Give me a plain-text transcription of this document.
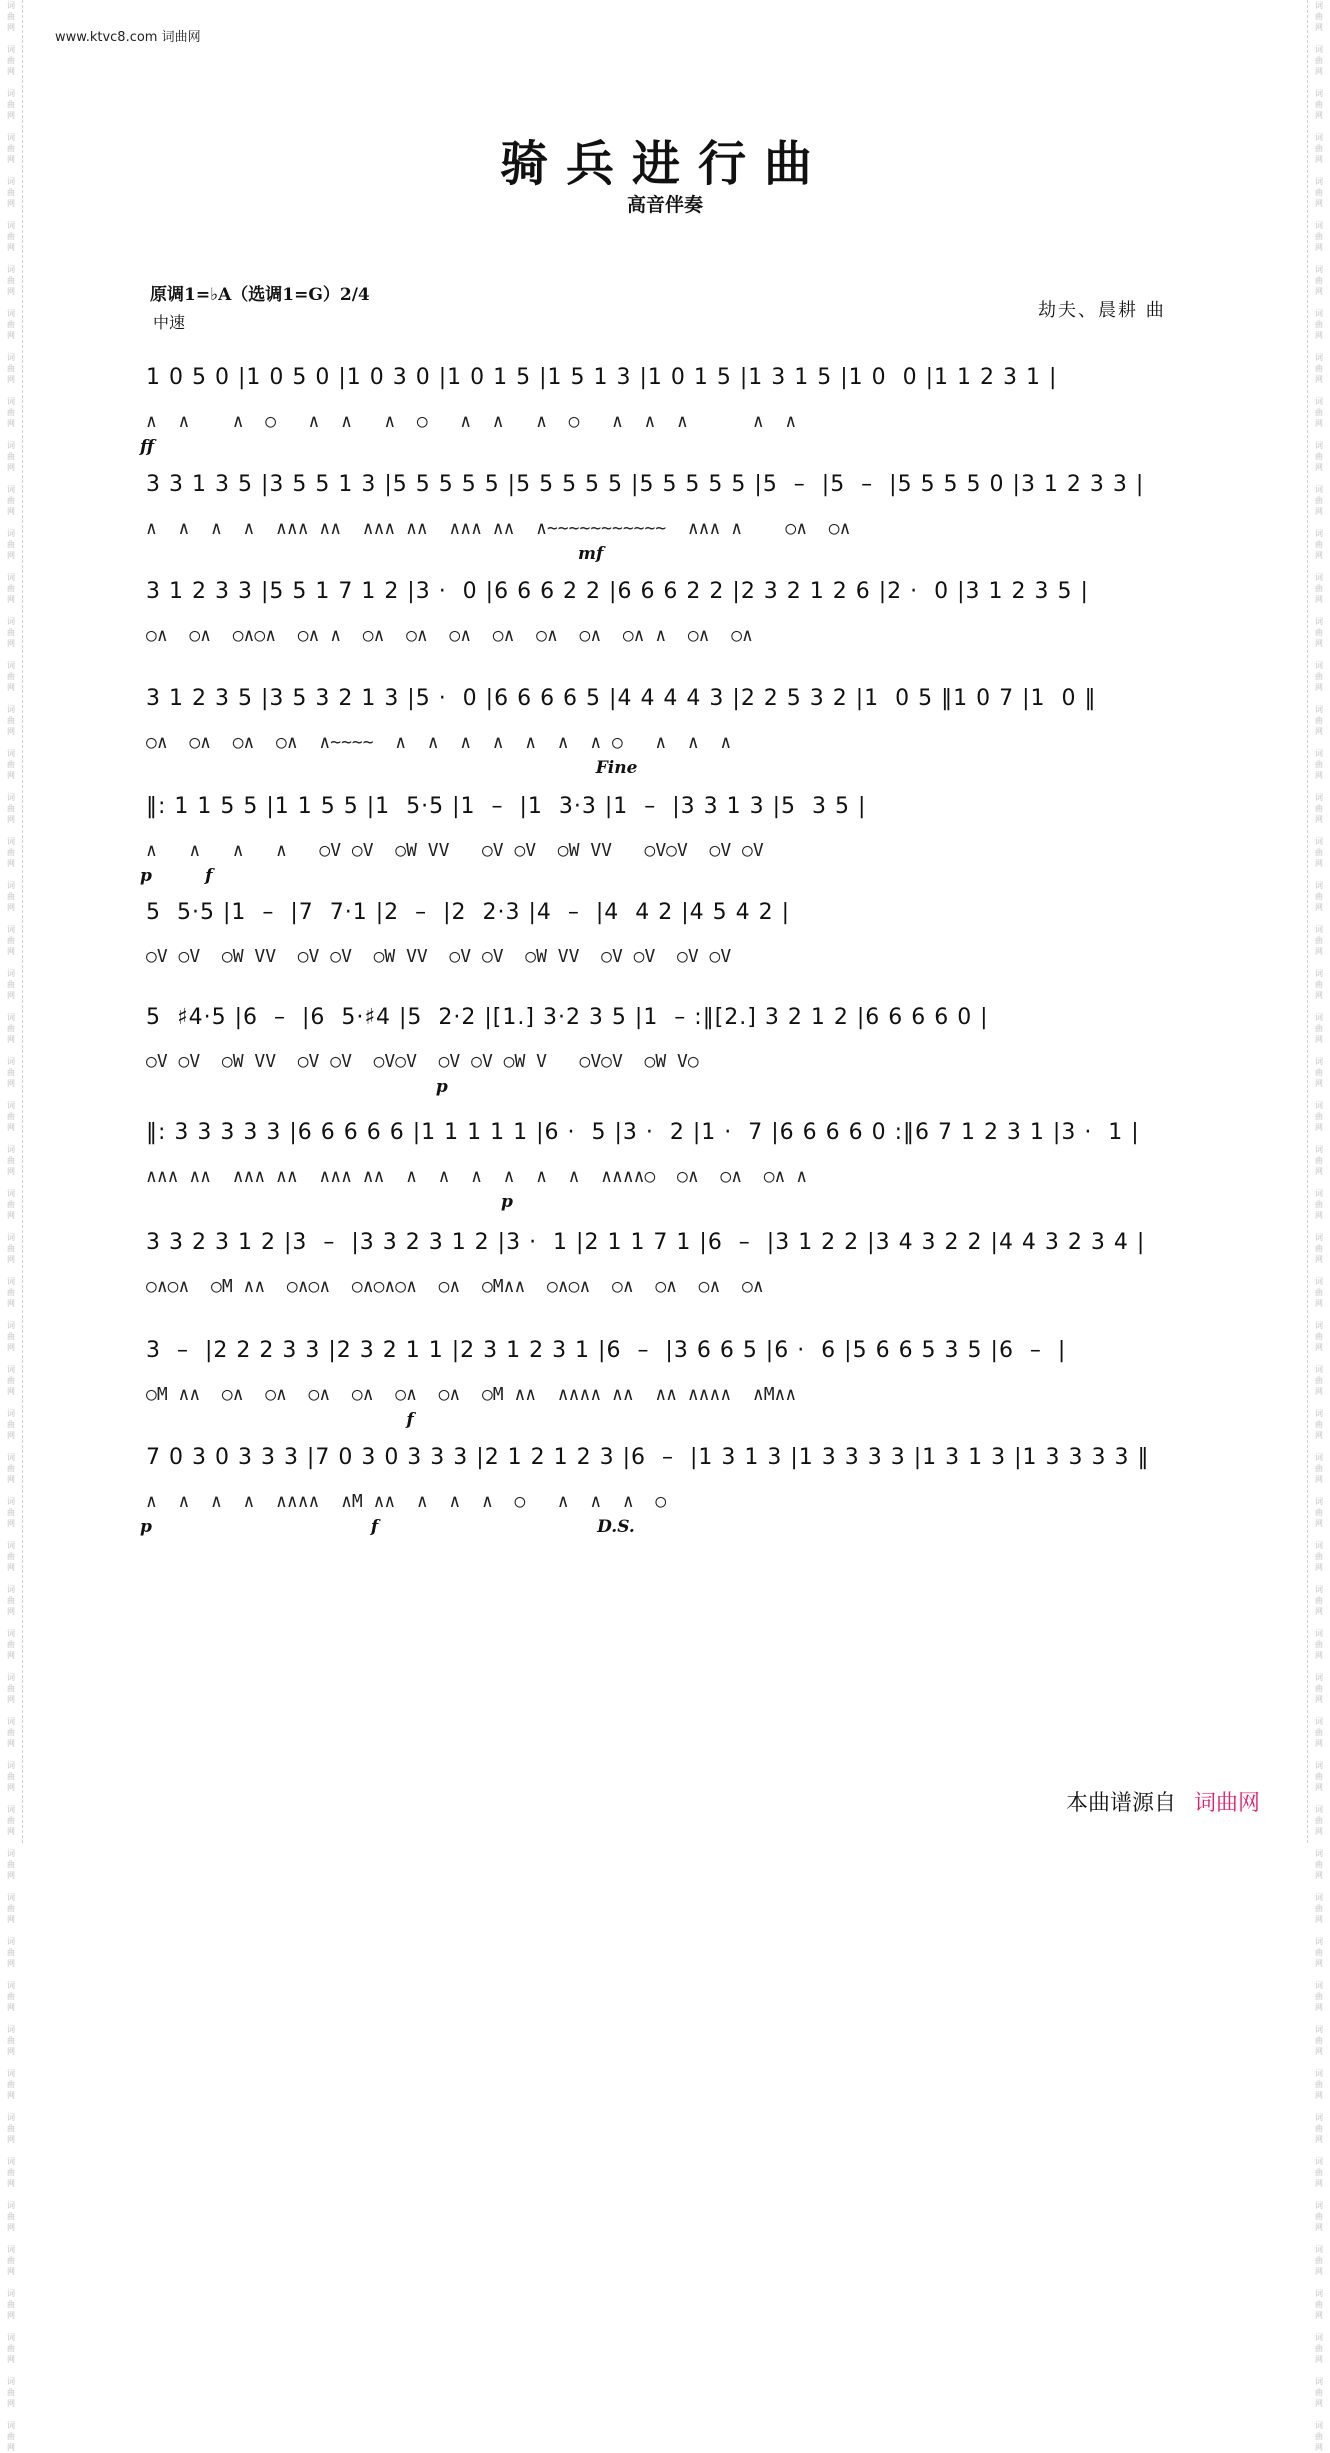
词
曲
网

词
曲
网

词
曲
网

词
曲
网

词
曲
网

词
曲
网

词
曲
网

词
曲
网

词
曲
网

词
曲
网

词
曲
网

词
曲
网

词
曲
网

词
曲
网

词
曲
网

词
曲
网

词
曲
网

词
曲
网

词
曲
网

词
曲
网

词
曲
网

词
曲
网

词
曲
网

词
曲
网

词
曲
网

词
曲
网

词
曲
网

词
曲
网

词
曲
网

词
曲
网

词
曲
网

词
曲
网

词
曲
网

词
曲
网

词
曲
网

词
曲
网

词
曲
网

词
曲
网

词
曲
网

词
曲
网

词
曲
网

词
曲
网

词
曲
网

词
曲
网

词
曲
网

词
曲
网

词
曲
网

词
曲
网

词
曲
网

词
曲
网

词
曲
网

词
曲
网

词
曲
网

词
曲
网

词
曲
网

词
曲
网

词
曲
网

词
曲
网

词
曲
网

词
曲
网

词
曲
网

词
曲
网

词
曲
网

词
曲
网

词
曲
网

词
曲
网

词
曲
网

词
曲
网

词
曲
网

词
曲
网

词
曲
网

词
曲
网

词
曲
网

词
曲
网

词
曲
网

词
曲
网

词
曲
网

词
曲
网

词
曲
网

词
曲
网

词
曲
网

词
曲
网

词
曲
网

词
曲
网

词
曲
网

词
曲
网

词
曲
网

词
曲
网

词
曲
网

词
曲
网

词
曲
网

词
曲
网

词
曲
网

词
曲
网

词
曲
网

词
曲
网

词
曲
网

词
曲
网

词
曲
网

词
曲
网

词
曲
网

词
曲
网

词
曲
网

词
曲
网

词
曲
网

词
曲
网

词
曲
网

词
曲
网

词
曲
网

词
曲
网

词
曲
网

词
曲
网

www.ktvc8.com 词曲网
骑兵进行曲
高音伴奏
原调1=♭A（选调1=G）2/4
中速
劫夫、晨耕 曲
1 0 5 0 |1 0 5 0 |1 0 3 0 |1 0 1 5 |1 5 1 3 |1 0 1 5 |1 3 1 5 |1 0  0 |1 1 2 3 1 |
∧  ∧    ∧  ○   ∧  ∧   ∧  ○   ∧  ∧   ∧  ○   ∧  ∧  ∧      ∧  ∧
ff
3 3 1 3 5 |3 5 5 1 3 |5 5 5 5 5 |5 5 5 5 5 |5 5 5 5 5 |5  –  |5  –  |5 5 5 5 0 |3 1 2 3 3 |
∧  ∧  ∧  ∧  ∧∧∧ ∧∧  ∧∧∧ ∧∧  ∧∧∧ ∧∧  ∧~~~~~~~~~~~  ∧∧∧ ∧    ○∧  ○∧
mf
3 1 2 3 3 |5 5 1 7 1 2 |3 ·  0 |6 6 6 2 2 |6 6 6 2 2 |2 3 2 1 2 6 |2 ·  0 |3 1 2 3 5 |
○∧  ○∧  ○∧○∧  ○∧ ∧  ○∧  ○∧  ○∧  ○∧  ○∧  ○∧  ○∧ ∧  ○∧  ○∧
3 1 2 3 5 |3 5 3 2 1 3 |5 ·  0 |6 6 6 6 5 |4 4 4 4 3 |2 2 5 3 2 |1  0 5 ‖1 0 7 |1  0 ‖
○∧  ○∧  ○∧  ○∧  ∧~~~~  ∧  ∧  ∧  ∧  ∧  ∧  ∧ ○   ∧  ∧  ∧
Fine
‖: 1 1 5 5 |1 1 5 5 |1  5·5 |1  –  |1  3·3 |1  –  |3 3 1 3 |5  3 5 |
∧   ∧   ∧   ∧   ○V ○V  ○W VV   ○V ○V  ○W VV   ○V○V  ○V ○V
p         f
5  5·5 |1  –  |7  7·1 |2  –  |2  2·3 |4  –  |4  4 2 |4 5 4 2 |
○V ○V  ○W VV  ○V ○V  ○W VV  ○V ○V  ○W VV  ○V ○V  ○V ○V
5  ♯4·5 |6  –  |6  5·♯4 |5  2·2 |[1.] 3·2 3 5 |1  – :‖[2.] 3 2 1 2 |6 6 6 6 0 |
○V ○V  ○W VV  ○V ○V  ○V○V  ○V ○V ○W V   ○V○V  ○W V○
p
‖: 3 3 3 3 3 |6 6 6 6 6 |1 1 1 1 1 |6 ·  5 |3 ·  2 |1 ·  7 |6 6 6 6 0 :‖6 7 1 2 3 1 |3 ·  1 |
∧∧∧ ∧∧  ∧∧∧ ∧∧  ∧∧∧ ∧∧  ∧  ∧  ∧  ∧  ∧  ∧  ∧∧∧∧○  ○∧  ○∧  ○∧ ∧
p
3 3 2 3 1 2 |3  –  |3 3 2 3 1 2 |3 ·  1 |2 1 1 7 1 |6  –  |3 1 2 2 |3 4 3 2 2 |4 4 3 2 3 4 |
○∧○∧  ○M ∧∧  ○∧○∧  ○∧○∧○∧  ○∧  ○M∧∧  ○∧○∧  ○∧  ○∧  ○∧  ○∧
3  –  |2 2 2 3 3 |2 3 2 1 1 |2 3 1 2 3 1 |6  –  |3 6 6 5 |6 ·  6 |5 6 6 5 3 5 |6  –  |
○M ∧∧  ○∧  ○∧  ○∧  ○∧  ○∧  ○∧  ○M ∧∧  ∧∧∧∧ ∧∧  ∧∧ ∧∧∧∧  ∧M∧∧
f
7 0 3 0 3 3 3 |7 0 3 0 3 3 3 |2 1 2 1 2 3 |6  –  |1 3 1 3 |1 3 3 3 3 |1 3 1 3 |1 3 3 3 3 ‖
∧  ∧  ∧  ∧  ∧∧∧∧  ∧M ∧∧  ∧  ∧  ∧  ○   ∧  ∧  ∧  ○
p                                     f                                     D.S.
本曲谱源自 词曲网
